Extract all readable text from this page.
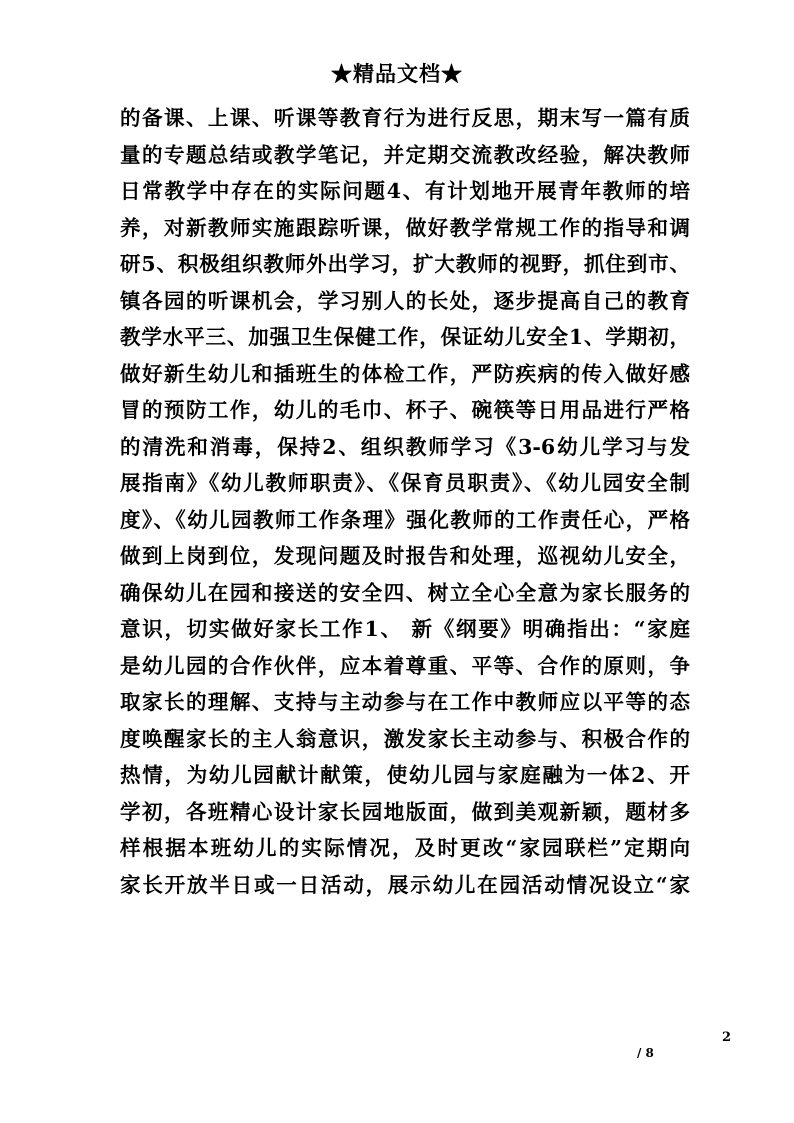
★精品文档★
的备课、上课、听课等教育行为进行反思，期末写一篇有质
量的专题总结或教学笔记，并定期交流教改经验，解决教师
日常教学中存在的实际问题4、有计划地开展青年教师的培
养，对新教师实施跟踪听课，做好教学常规工作的指导和调
研5、积极组织教师外出学习，扩大教师的视野，抓住到市、
镇各园的听课机会，学习别人的长处，逐步提高自己的教育
教学水平三、加强卫生保健工作，保证幼儿安全1、学期初，
做好新生幼儿和插班生的体检工作，严防疾病的传入做好感
冒的预防工作，幼儿的毛巾、杯子、碗筷等日用品进行严格
的清洗和消毒，保持2、组织教师学习《3-6幼儿学习与发
展指南》《幼儿教师职责》、《保育员职责》、《幼儿园安全制
度》、《幼儿园教师工作条理》强化教师的工作责任心，严格
做到上岗到位，发现问题及时报告和处理，巡视幼儿安全，
确保幼儿在园和接送的安全四、树立全心全意为家长服务的
意识，切实做好家长工作1、 新《纲要》明确指出：“家庭
是幼儿园的合作伙伴，应本着尊重、平等、合作的原则，争
取家长的理解、支持与主动参与在工作中教师应以平等的态
度唤醒家长的主人翁意识，激发家长主动参与、积极合作的
热情，为幼儿园献计献策，使幼儿园与家庭融为一体2、开
学初，各班精心设计家长园地版面，做到美观新颖，题材多
样根据本班幼儿的实际情况，及时更改“家园联栏”定期向
家长开放半日或一日活动，展示幼儿在园活动情况设立“家
2
/ 8
